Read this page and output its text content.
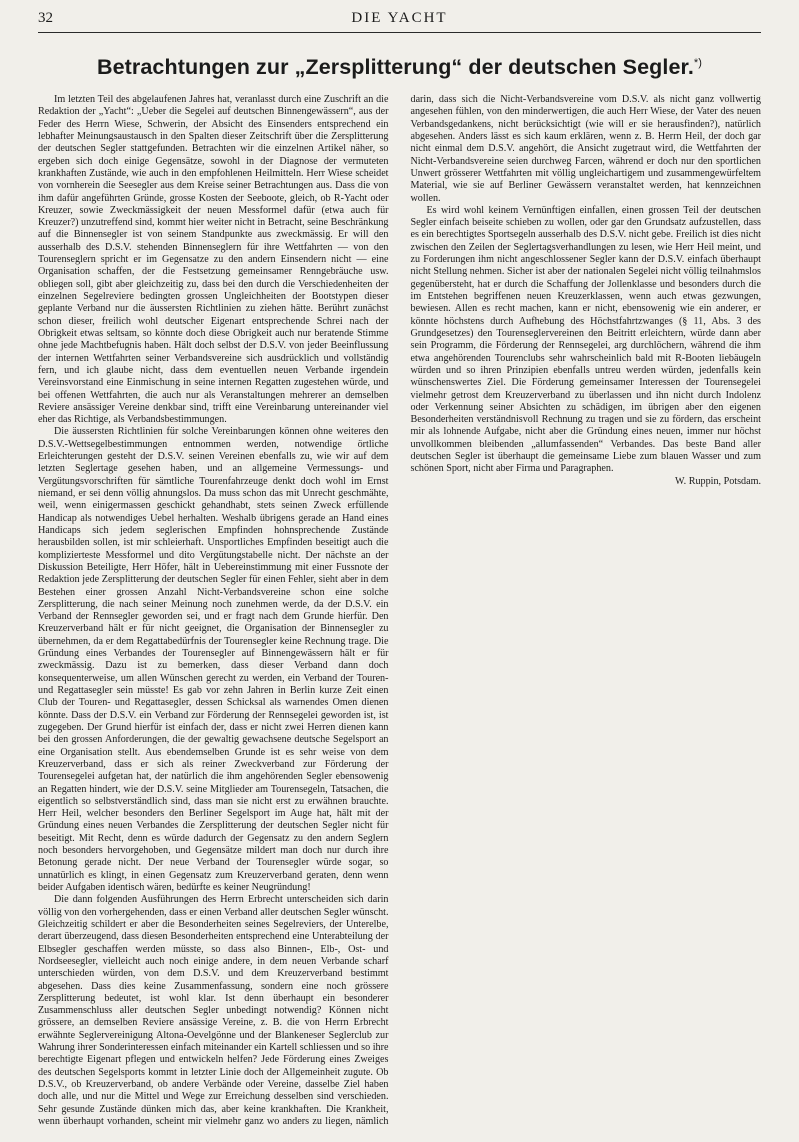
32	DIE YACHT
Betrachtungen zur „Zersplitterung“ der deutschen Segler.*)

Im letzten Teil des abgelaufenen Jahres hat, veranlasst durch eine Zuschrift an die Redaktion der „Yacht“: „Ueber die Segelei auf deutschen Binnengewässern“, aus der Feder des Herrn Wiese, Schwerin, der Absicht des Einsenders entsprechend ein lebhafter Meinungsaustausch in den Spalten dieser Zeitschrift über die Zersplitterung der deutschen Segler stattgefunden. Betrachten wir die einzelnen Artikel näher, so ergeben sich doch einige Gegensätze, sowohl in der Diagnose der vermuteten krankhaften Zustände, wie auch in den empfohlenen Heilmitteln. Herr Wiese scheidet von vornherein die Seesegler aus dem Kreise seiner Betrachtungen aus. Dass die von ihm dafür angeführten Gründe, grosse Kosten der Seeboote, gleich, ob R-Yacht oder Kreuzer, sowie Zweckmässigkeit der neuen Messformel dafür (etwa auch für Kreuzer?) unzutreffend sind, kommt hier weiter nicht in Betracht, seine Beschränkung auf die Binnensegler ist von seinem Standpunkte aus zweckmässig. Er will den ausserhalb des D.S.V. stehenden Binnenseglern für ihre Wettfahrten — von den Tourenseglern spricht er im Gegensatze zu den andern Einsendern nicht — eine Organisation schaffen, der die Festsetzung gemeinsamer Renngebräuche usw. obliegen soll, gibt aber gleichzeitig zu, dass bei den durch die Verschiedenheiten der einzelnen Segelreviere bedingten grossen Ungleichheiten der Bootstypen dieser geplante Verband nur die äussersten Richtlinien zu ziehen hätte. Berührt zunächst schon dieser, freilich wohl deutscher Eigenart entsprechende Schrei nach der Obrigkeit etwas seltsam, so könnte doch diese Obrigkeit auch nur beratende Stimme ohne jede Machtbefugnis haben. Hält doch selbst der D.S.V. von jeder Beeinflussung der internen Wettfahrten seiner Verbandsvereine sich ausdrücklich und vollständig fern, und ich glaube nicht, dass dem eventuellen neuen Verbande irgendein Vereinsvorstand eine Einmischung in seine internen Regatten zugestehen würde, und bei offenen Wettfahrten, die auch nur als Veranstaltungen mehrerer an demselben Reviere ansässiger Vereine denkbar sind, trifft eine Vereinbarung untereinander viel eher das Richtige, als Verbandsbestimmungen.

Die äussersten Richtlinien für solche Vereinbarungen können ohne weiteres den D.S.V.-Wettsegelbestimmungen entnommen werden, notwendige örtliche Erleichterungen gesteht der D.S.V. seinen Vereinen ebenfalls zu, wie wir auf dem letzten Seglertage gesehen haben, und an allgemeine Vermessungs- und Vergütungsvorschriften für sämtliche Tourenfahrzeuge denkt doch wohl im Ernst niemand, er sei denn völlig ahnungslos. Da muss schon das mit Unrecht geschmähte, weil, wenn einigermassen geschickt gehandhabt, stets seinen Zweck erfüllende Handicap als notwendiges Uebel herhalten. Weshalb übrigens gerade an Hand eines Handicaps sich jedem seglerischen Empfinden hohnsprechende Zustände herausbilden sollen, ist mir schleierhaft. Unsportliches Empfinden beseitigt auch die komplizierteste Messformel und dito Vergütungstabelle nicht. Der nächste an der Diskussion Beteiligte, Herr Höfer, hält in Uebereinstimmung mit einer Fussnote der Redaktion jede Zersplitterung der deutschen Segler für einen Fehler, sieht aber in dem Bestehen einer grossen Anzahl Nicht-Verbandsvereine schon eine solche Zersplitterung, die nach seiner Meinung noch zunehmen werde, da der D.S.V. ein Verband der Rennsegler geworden sei, und er fragt nach dem Grunde hierfür. Den Kreuzerverband hält er für nicht geeignet, die Organisation der Binnensegler zu übernehmen, da er dem Regattabedürfnis der Tourensegler keine Rechnung trage. Die Gründung eines Verbandes der Tourensegler auf Binnengewässern hält er für zweckmässig. Dazu ist zu bemerken, dass dieser Verband dann doch konsequenterweise, um allen Wünschen gerecht zu werden, ein Verband der Touren- und Regattasegler sein müsste! Es gab vor zehn Jahren in Berlin kurze Zeit einen Club der Touren- und Regattasegler, dessen Schicksal als warnendes Omen dienen könnte. Dass der D.S.V. ein Verband zur Förderung der Rennsegelei geworden ist, ist zugegeben. Der Grund hierfür ist einfach der, dass er nicht zwei Herren dienen kann bei den grossen Anforderungen, die der gewaltig gewachsene deutsche Segelsport an eine Organisation stellt. Aus ebendemselben Grunde ist es sehr weise von dem Kreuzerverband, dass er sich als reiner Zweckverband zur Förderung der Tourensegelei aufgetan hat, der natürlich die ihm angehörenden Segler ebensowenig an Regatten hindert, wie der D.S.V. seine Mitglieder am Tourensegeln, Tatsachen, die eigentlich so selbstverständlich sind, dass man sie nicht erst zu erwähnen brauchte. Herr Heil, welcher besonders den Berliner Segelsport im Auge hat, hält mit der Gründung eines neuen Verbandes die Zersplitterung der deutschen Segler nicht für beseitigt. Mit Recht, denn es würde dadurch der Gegensatz zu den andern Seglern noch besonders hervorgehoben, und Gegensätze mildert man doch nur durch ihre Betonung gerade nicht. Der neue Verband der Tourensegler würde sogar, so unnatürlich es klingt, in einen Gegensatz zum Kreuzerverband geraten, denn wenn beider Aufgaben identisch wären, bedürfte es keiner Neugründung!

Die dann folgenden Ausführungen des Herrn Erbrecht unterscheiden sich darin völlig von den vorhergehenden, dass er einen Verband aller deutschen Segler wünscht. Gleichzeitig schildert er aber die Besonderheiten seines Segelreviers, der Unterelbe, derart überzeugend, dass diesen Besonderheiten entsprechend eine Unterabteilung der Elbsegler geschaffen werden müsste, so dass also Binnen-, Elb-, Ost- und Nordseesegler, vielleicht auch noch einige andere, in dem neuen Verbande scharf unterschieden würden, von dem D.S.V. und dem Kreuzerverband bestimmt abgesehen. Dass dies keine Zusammenfassung, sondern eine noch grössere Zersplitterung bedeutet, ist wohl klar. Ist denn überhaupt ein besonderer Zusammenschluss aller deutschen Segler unbedingt notwendig? Können nicht grössere, an demselben Reviere ansässige Vereine, z. B. die von Herrn Erbrecht erwähnte Seglervereinigung Altona-Oevelgönne und der Blankeneser Seglerclub zur Wahrung ihrer Sonderinteressen einfach miteinander ein Kartell schliessen und so ihre berechtigte Eigenart pflegen und entwickeln helfen? Jede Förderung eines Zweiges des deutschen Segelsports kommt in letzter Linie doch der Allgemeinheit zugute. Ob D.S.V., ob Kreuzerverband, ob andere Verbände oder Vereine, dasselbe Ziel haben doch alle, und nur die Mittel und Wege zur Erreichung desselben sind verschieden. Sehr gesunde Zustände dünken mich das, aber keine krankhaften. Die Krankheit, wenn überhaupt vorhanden, scheint mir vielmehr ganz wo anders zu liegen, nämlich darin, dass sich die Nicht-Verbandsvereine vom D.S.V. als nicht ganz vollwertig angesehen fühlen, von den minderwertigen, die auch Herr Wiese, der Vater des neuen Verbandsgedankens, nicht berücksichtigt (wie will er sie herausfinden?), natürlich abgesehen. Anders lässt es sich kaum erklären, wenn z. B. Herrn Heil, der doch gar nicht einmal dem D.S.V. angehört, die Ansicht zugetraut wird, die Wettfahrten der Nicht-Verbandsvereine seien durchweg Farcen, während er doch nur den sportlichen Unwert grösserer Wettfahrten mit völlig ungleichartigem und zusammengewürfeltem Material, wie sie auf Berliner Gewässern veranstaltet werden, hat kennzeichnen wollen.

Es wird wohl keinem Vernünftigen einfallen, einen grossen Teil der deutschen Segler einfach beiseite schieben zu wollen, oder gar den Grundsatz aufzustellen, dass es ein berechtigtes Sportsegeln ausserhalb des D.S.V. nicht gebe. Freilich ist dies nicht zwischen den Zeilen der Seglertagsverhandlungen zu lesen, wie Herr Heil meint, und zu Forderungen ihm nicht angeschlossener Segler kann der D.S.V. einfach überhaupt nicht Stellung nehmen. Sicher ist aber der nationalen Segelei nicht völlig teilnahmslos gegenübersteht, hat er durch die Schaffung der Jollenklasse und besonders durch die im Entstehen begriffenen neuen Kreuzerklassen, wenn auch etwas gezwungen, bewiesen. Allen es recht machen, kann er nicht, ebensowenig wie ein anderer, er könnte höchstens durch Aufhebung des Höchstfahrtzwanges (§ 11, Abs. 3 des Grundgesetzes) den Tourenseglervereinen den Beitritt erleichtern, würde dann aber sein Programm, die Förderung der Rennsegelei, arg durchlöchern, während die ihm etwa angehörenden Tourenclubs sehr wahrscheinlich bald mit R-Booten liebäugeln würden und so ihren Prinzipien ebenfalls untreu werden würden, jedenfalls kein wünschenswertes Ziel. Die Förderung gemeinsamer Interessen der Tourensegelei vielmehr getrost dem Kreuzerverband zu überlassen und ihn nicht durch Indolenz oder Verkennung seiner Absichten zu schädigen, im übrigen aber den eigenen Besonderheiten verständnisvoll Rechnung zu tragen und sie zu fördern, das erscheint mir als lohnende Aufgabe, nicht aber die Gründung eines neuen, immer nur höchst unvollkommen bleibenden „allumfassenden“ Verbandes. Das beste Band aller deutschen Segler ist überhaupt die gemeinsame Liebe zum blauen Wasser und zum schönen Sport, nicht aber Firma und Paragraphen.

W. Ruppin, Potsdam.
